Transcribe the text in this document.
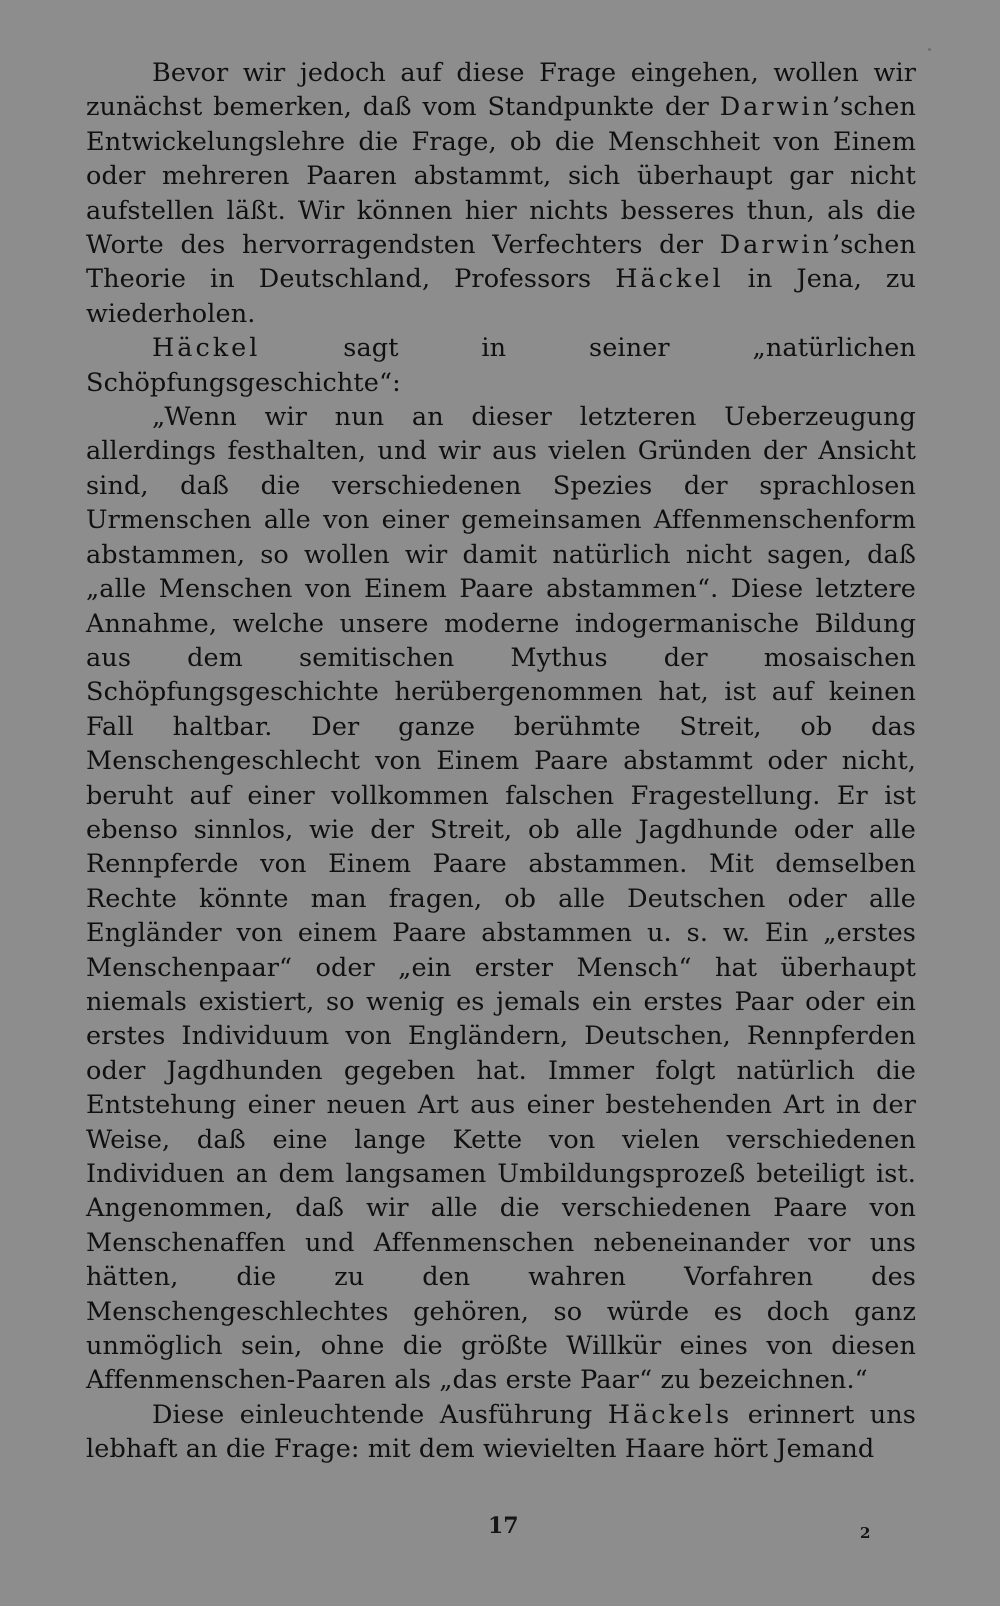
Bevor wir jedoch auf diese Frage eingehen, wollen wir zunächst bemerken, daß vom Standpunkte der Darwin’schen Entwickelungslehre die Frage, ob die Menschheit von Einem oder mehreren Paaren abstammt, sich überhaupt gar nicht aufstellen läßt. Wir können hier nichts besseres thun, als die Worte des hervorragendsten Verfechters der Darwin’schen Theorie in Deutschland, Professors Häckel in Jena, zu wiederholen.

Häckel sagt in seiner „natürlichen Schöpfungsgeschichte“:

„Wenn wir nun an dieser letzteren Ueberzeugung allerdings festhalten, und wir aus vielen Gründen der Ansicht sind, daß die verschiedenen Spezies der sprachlosen Urmenschen alle von einer gemeinsamen Affenmenschenform abstammen, so wollen wir damit natürlich nicht sagen, daß „alle Menschen von Einem Paare abstammen“. Diese letztere Annahme, welche unsere moderne indogermanische Bildung aus dem semitischen Mythus der mosaischen Schöpfungsgeschichte herübergenommen hat, ist auf keinen Fall haltbar. Der ganze berühmte Streit, ob das Menschengeschlecht von Einem Paare abstammt oder nicht, beruht auf einer vollkommen falschen Fragestellung. Er ist ebenso sinnlos, wie der Streit, ob alle Jagdhunde oder alle Rennpferde von Einem Paare abstammen. Mit demselben Rechte könnte man fragen, ob alle Deutschen oder alle Engländer von einem Paare abstammen u. s. w. Ein „erstes Menschenpaar“ oder „ein erster Mensch“ hat überhaupt niemals existiert, so wenig es jemals ein erstes Paar oder ein erstes Individuum von Engländern, Deutschen, Rennpferden oder Jagdhunden gegeben hat. Immer folgt natürlich die Entstehung einer neuen Art aus einer bestehenden Art in der Weise, daß eine lange Kette von vielen verschiedenen Individuen an dem langsamen Umbildungsprozeß beteiligt ist. Angenommen, daß wir alle die verschiedenen Paare von Menschenaffen und Affenmenschen nebeneinander vor uns hätten, die zu den wahren Vorfahren des Menschengeschlechtes gehören, so würde es doch ganz unmöglich sein, ohne die größte Willkür eines von diesen Affenmenschen-Paaren als „das erste Paar“ zu bezeichnen.“

Diese einleuchtende Ausführung Häckels erinnert uns lebhaft an die Frage: mit dem wievielten Haare hört Jemand

17	2
